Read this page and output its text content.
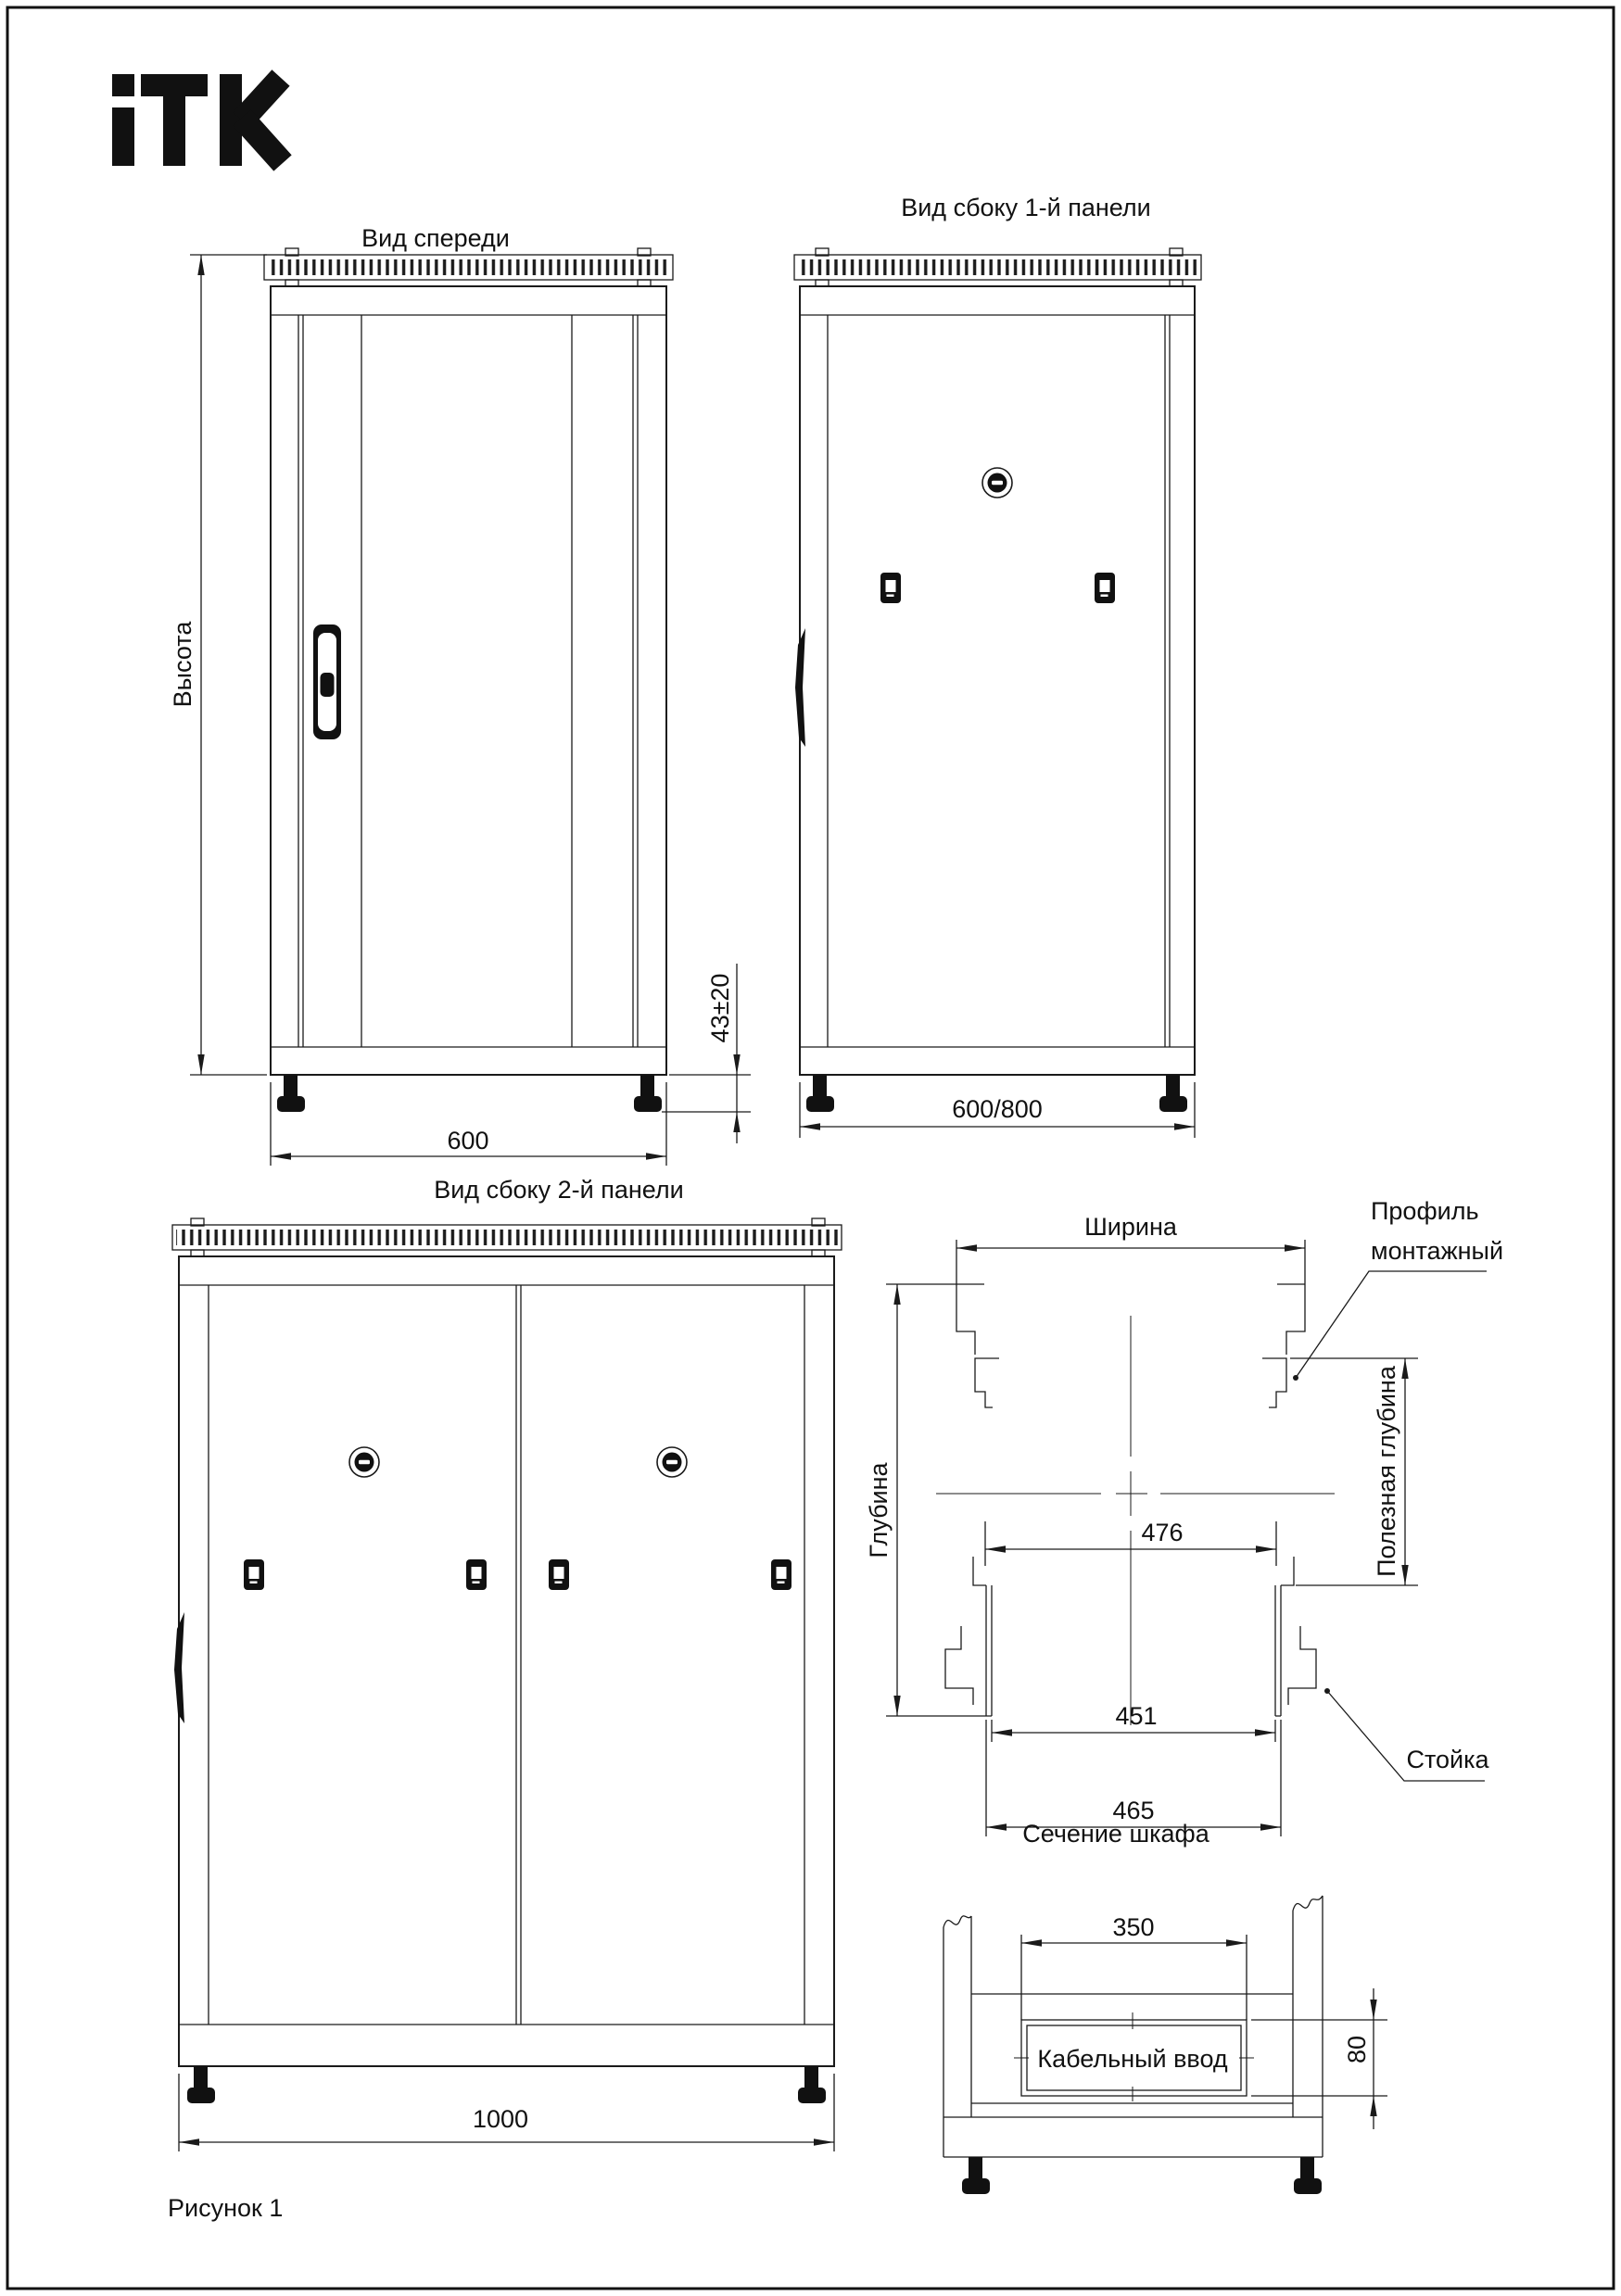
Вид спереди
600
Высота
43±20
Вид сбоку 1-й панели
600/800
Вид сбоку 2-й панели
1000
Ширина
Глубина	Полезная глубина
476
451
465
Профиль
монтажный
Стойка
Сечение шкафа
Кабельный ввод
350
80
Рисунок 1
